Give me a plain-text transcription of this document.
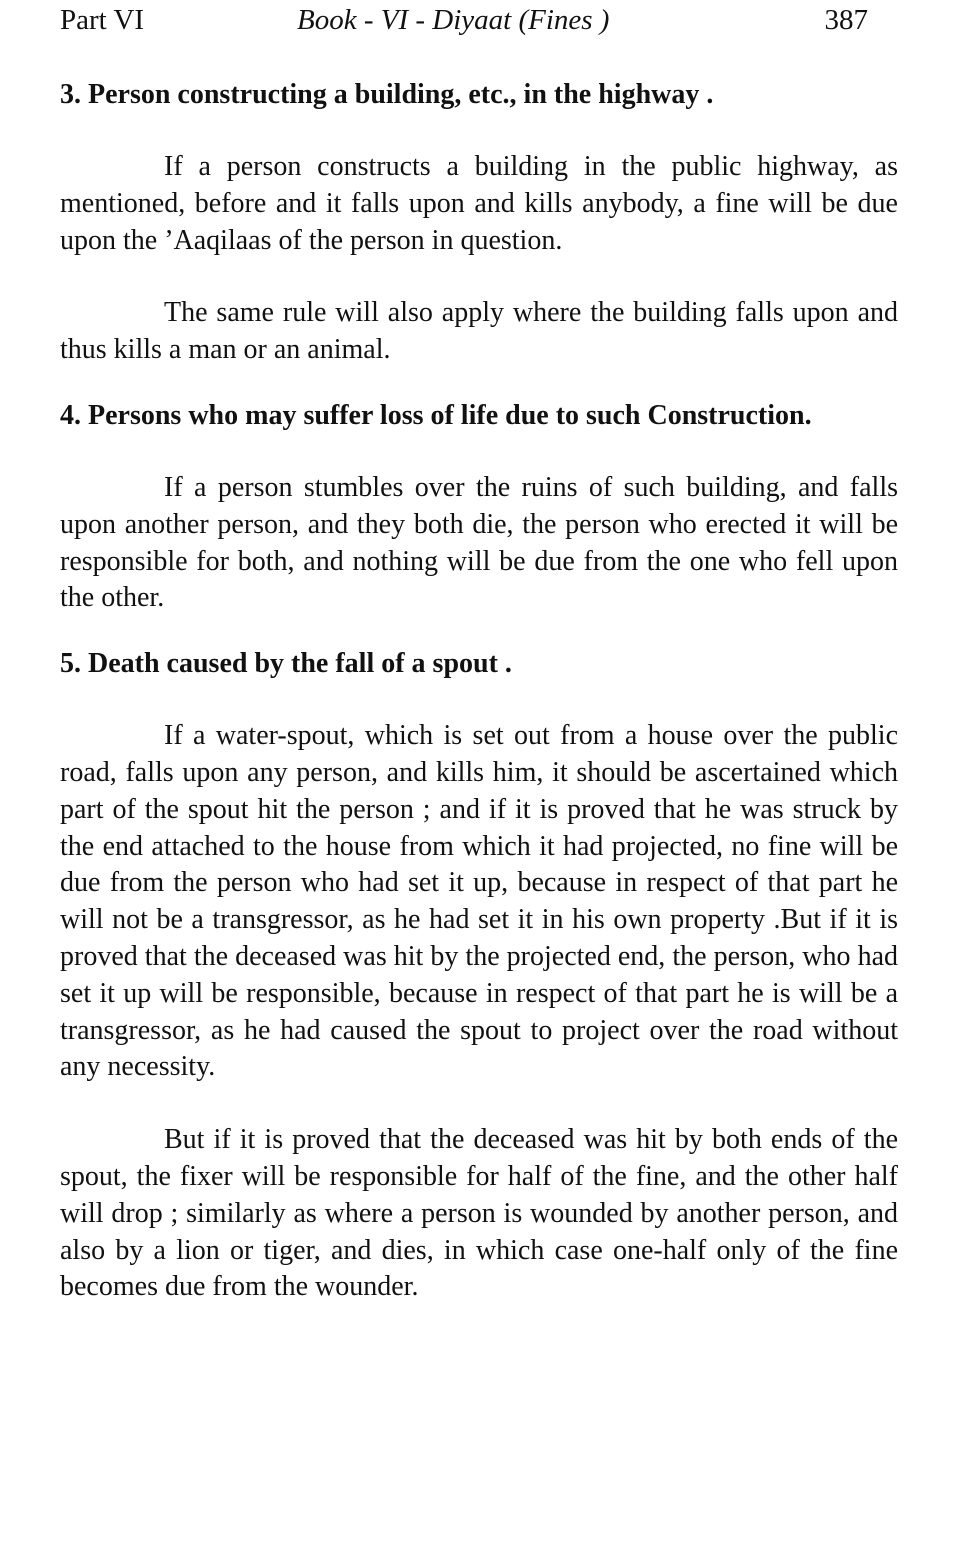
Part VI	Book - VI - Diyaat (Fines )	387
3. Person constructing a building, etc., in the highway .

If a person constructs a building in the public highway, as mentioned, before and it falls upon and kills anybody, a fine will be due upon the ’Aaqilaas of the person in question.

The same rule will also apply where the building falls upon and thus kills a man or an animal.

4. Persons who may suffer loss of life due to such Construction.

If a person stumbles over the ruins of such building, and falls upon another person, and they both die, the person who erected it will be responsible for both, and nothing will be due from the one who fell upon the other.

5. Death caused by the fall of a spout .

If a water-spout, which is set out from a house over the public road, falls upon any person, and kills him, it should be ascertained which part of the spout hit the person ; and if it is proved that he was struck by the end attached to the house from which it had projected, no fine will be due from the person who had set it up, because in respect of that part he will not be a transgressor, as he had set it in his own property .But if it is proved that the deceased was hit by the projected end, the person, who had set it up will be responsible, because in respect of that part he is will be a transgressor, as he had caused the spout to project over the road without any necessity.

But if it is proved that the deceased was hit by both ends of the spout, the fixer will be responsible for half of the fine, and the other half will drop ; similarly as where a person is wounded by another person, and also by a lion or tiger, and dies, in which case one-half only of the fine becomes due from the wounder.
